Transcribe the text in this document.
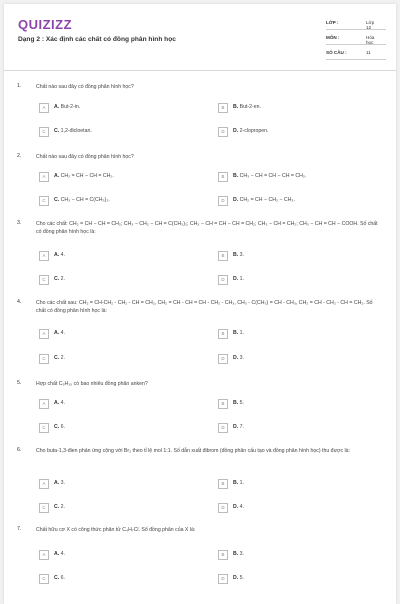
QUIZIZZ
Dạng 2 : Xác định các chất có đồng phân hình học
LỚP :	Lớp 12
MÔN :	Hóa học
SỐ CÂU :	11
1.	Chất nào sau đây có đồng phân hình học?
A	A. But-2-in.	B	B. But-2-en.
C	C. 1,2-đicloetan.	D	D. 2-clopropen.
2.	Chất nào sau đây có đồng phân hình học?
A	A. CH₂ = CH − CH = CH₂.	B	B. CH₃ − CH = CH − CH = CH₂.
C	C. CH₃ − CH = C(CH₃)₂.	D	D. CH₂ = CH − CH₂ − CH₃.
3.	Cho các chất: CH₂ = CH − CH = CH₂; CH₃ − CH₂ − CH = C(CH₃)₂; CH₃ − CH = CH − CH = CH₂; CH₃ − CH = CH₂; CH₃ − CH = CH − COOH. Số chất có đồng phân hình học là:
A	A. 4.	B	B. 3.
C	C. 2.	D	D. 1.
4.	Cho các chất sau: CH₂ = CH-CH₂ - CH₂ - CH = CH₂, CH₂ = CH - CH = CH - CH₂ - CH₃, CH₃ - C(CH₃) = CH - CH₃, CH₂ = CH - CH₂ - CH = CH₂. Số chất có đồng phân hình học là:
A	A. 4.	B	B. 1.
C	C. 2.	D	D. 3.
5.	Hợp chất C₅H₁₀ có bao nhiêu đồng phân anken?
A	A. 4.	B	B. 5.
C	C. 6.	D	D. 7.
6.	Cho buta-1,3-đien phản ứng cộng với Br₂ theo tỉ lệ mol 1:1. Số dẫn xuất đibrom (đồng phân cấu tạo và đồng phân hình học) thu được là:
A	A. 3.	B	B. 1.
C	C. 2.	D	D. 4.
7.	Chất hữu cơ X có công thức phân tử C₄H₇Cl. Số đồng phân của X là:
A	A. 4.	B	B. 3.
C	C. 6.	D	D. 5.
